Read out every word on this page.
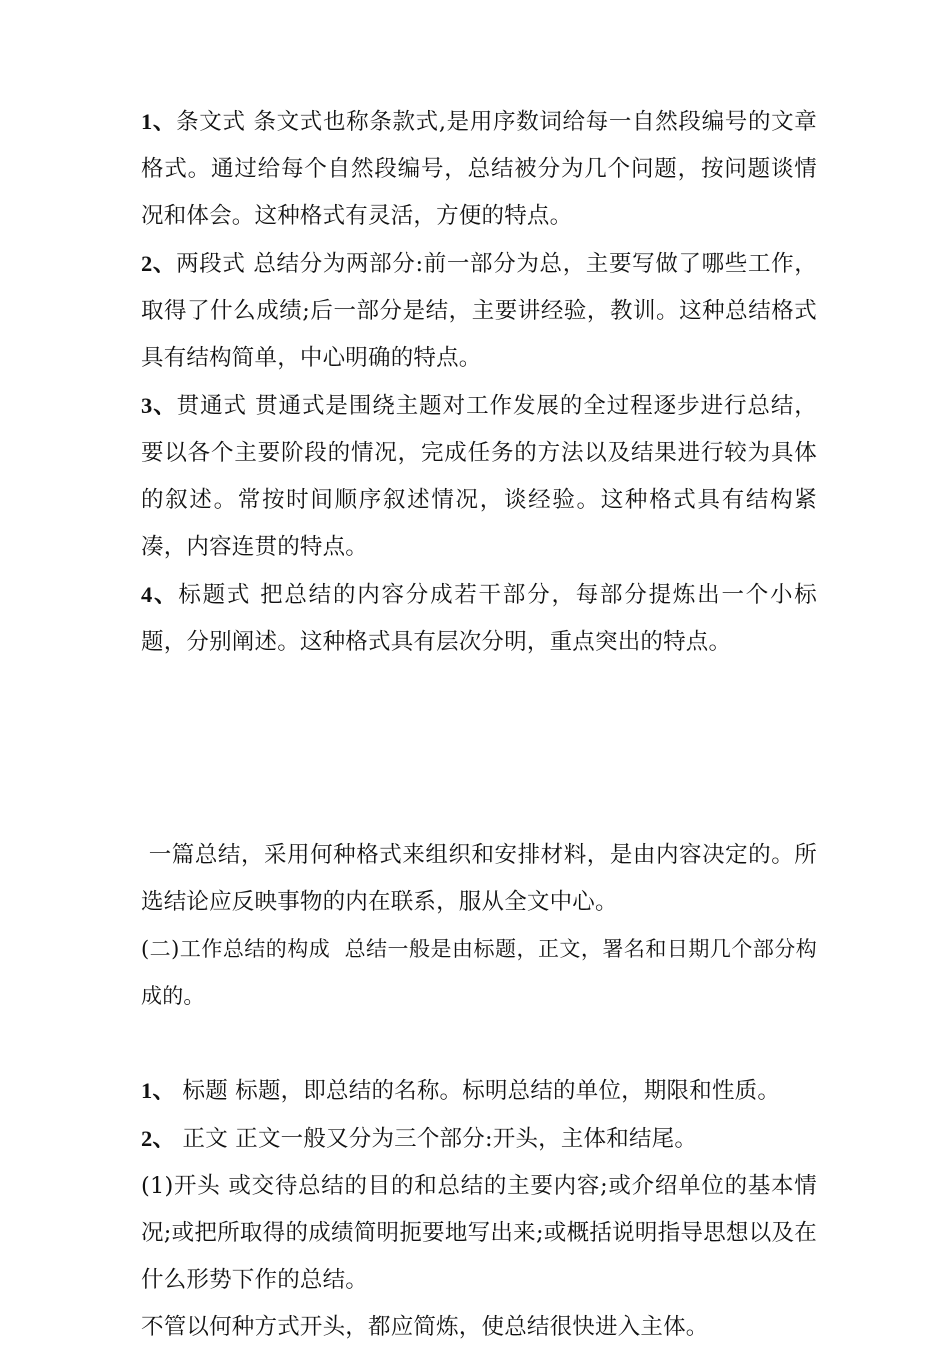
1、条文式 条文式也称条款式,是用序数词给每一自然段编号的文章格式。通过给每个自然段编号，总结被分为几个问题，按问题谈情况和体会。这种格式有灵活，方便的特点。

2、两段式 总结分为两部分:前一部分为总，主要写做了哪些工作，取得了什么成绩;后一部分是结，主要讲经验，教训。这种总结格式具有结构简单，中心明确的特点。

3、贯通式 贯通式是围绕主题对工作发展的全过程逐步进行总结，要以各个主要阶段的情况，完成任务的方法以及结果进行较为具体的叙述。常按时间顺序叙述情况，谈经验。这种格式具有结构紧凑，内容连贯的特点。

4、标题式 把总结的内容分成若干部分，每部分提炼出一个小标题，分别阐述。这种格式具有层次分明，重点突出的特点。

一篇总结，采用何种格式来组织和安排材料，是由内容决定的。所选结论应反映事物的内在联系，服从全文中心。

(二)工作总结的构成  总结一般是由标题，正文，署名和日期几个部分构成的。

1、 标题 标题，即总结的名称。标明总结的单位，期限和性质。

2、 正文 正文一般又分为三个部分:开头，主体和结尾。

(1)开头 或交待总结的目的和总结的主要内容;或介绍单位的基本情况;或把所取得的成绩简明扼要地写出来;或概括说明指导思想以及在什么形势下作的总结。

不管以何种方式开头，都应简炼，使总结很快进入主体。
